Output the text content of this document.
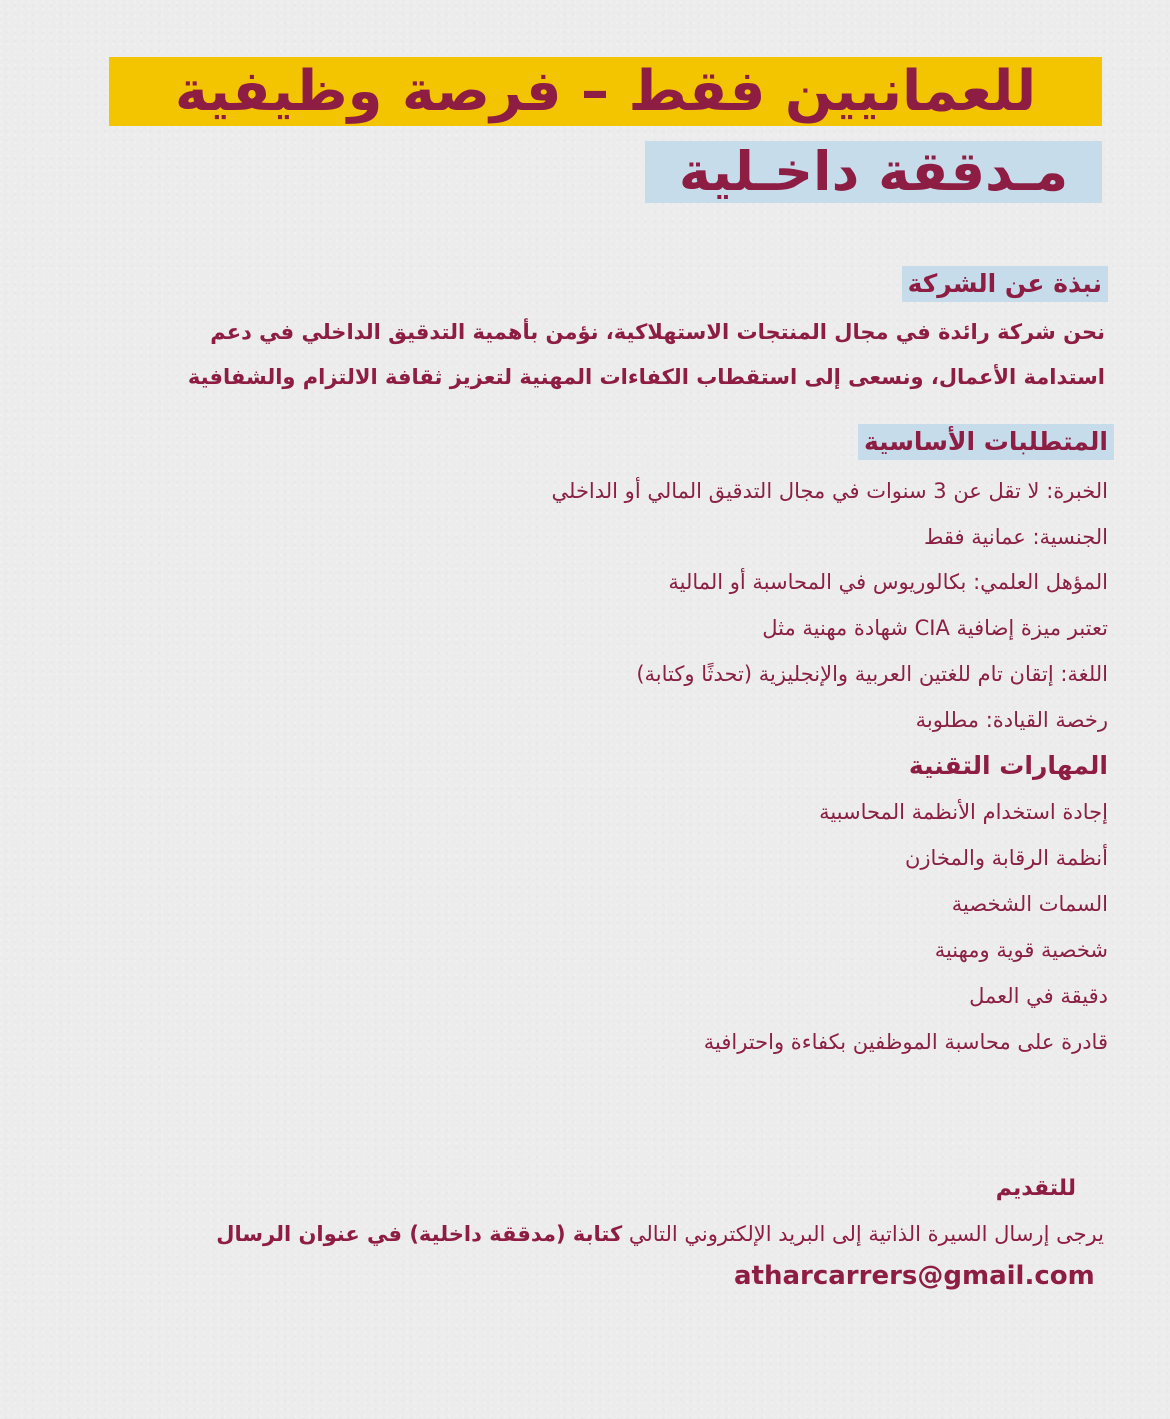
للعمانيين فقط – فرصة وظيفية
مـدققة داخـلية
نبذة عن الشركة
نحن شركة رائدة في مجال المنتجات الاستهلاكية، نؤمن بأهمية التدقيق الداخلي في دعم
استدامة الأعمال، ونسعى إلى استقطاب الكفاءات المهنية لتعزيز ثقافة الالتزام والشفافية
المتطلبات الأساسية
الخبرة: لا تقل عن 3 سنوات في مجال التدقيق المالي أو الداخلي
الجنسية: عمانية فقط
المؤهل العلمي: بكالوريوس في المحاسبة أو المالية
تعتبر ميزة إضافية CIA شهادة مهنية مثل
اللغة: إتقان تام للغتين العربية والإنجليزية (تحدثًا وكتابة)
رخصة القيادة: مطلوبة
المهارات التقنية
إجادة استخدام الأنظمة المحاسبية
أنظمة الرقابة والمخازن
السمات الشخصية
شخصية قوية ومهنية
دقيقة في العمل
قادرة على محاسبة الموظفين بكفاءة واحترافية
للتقديم
يرجى إرسال السيرة الذاتية إلى البريد الإلكتروني التالي كتابة (مدققة داخلية) في عنوان الرسال
atharcarrers@gmail.com
